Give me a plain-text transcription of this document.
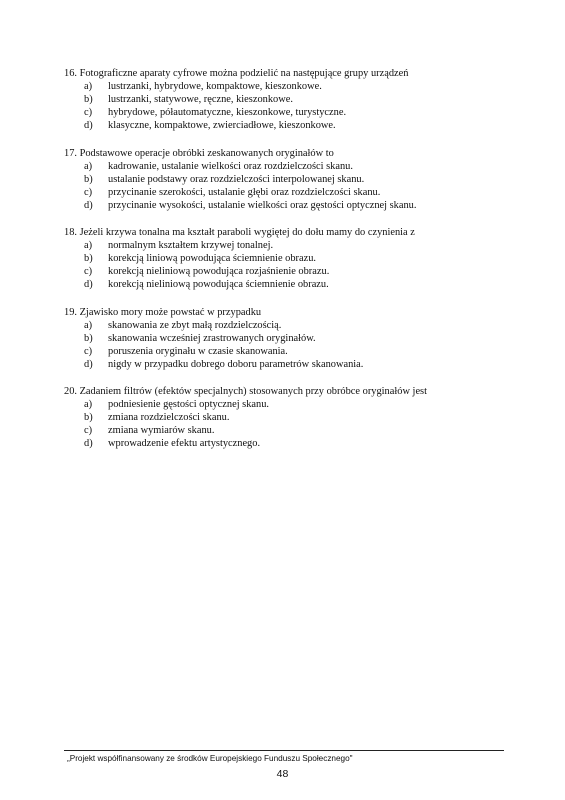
16. Fotograficzne aparaty cyfrowe można podzielić na następujące grupy urządzeń
a)	lustrzanki, hybrydowe, kompaktowe, kieszonkowe.
b)	lustrzanki, statywowe, ręczne, kieszonkowe.
c)	hybrydowe, półautomatyczne, kieszonkowe, turystyczne.
d)	klasyczne, kompaktowe, zwierciadłowe, kieszonkowe.
17. Podstawowe operacje obróbki zeskanowanych oryginałów to
a)	kadrowanie, ustalanie wielkości oraz rozdzielczości skanu.
b)	ustalanie podstawy oraz rozdzielczości interpolowanej skanu.
c)	przycinanie szerokości, ustalanie głębi oraz rozdzielczości skanu.
d)	przycinanie wysokości, ustalanie wielkości oraz gęstości optycznej skanu.
18. Jeżeli krzywa tonalna ma kształt paraboli wygiętej do dołu mamy do czynienia z
a)	normalnym kształtem krzywej tonalnej.
b)	korekcją liniową powodująca ściemnienie obrazu.
c)	korekcją nieliniową powodująca rozjaśnienie obrazu.
d)	korekcją nieliniową powodująca ściemnienie obrazu.
19. Zjawisko mory może powstać w przypadku
a)	skanowania ze zbyt małą rozdzielczością.
b)	skanowania wcześniej zrastrowanych oryginałów.
c)	poruszenia oryginału w czasie skanowania.
d)	nigdy w przypadku dobrego doboru parametrów skanowania.
20. Zadaniem filtrów (efektów specjalnych) stosowanych przy obróbce oryginałów jest
a)	podniesienie gęstości optycznej skanu.
b)	zmiana rozdzielczości skanu.
c)	zmiana wymiarów skanu.
d)	wprowadzenie efektu artystycznego.
„Projekt współfinansowany ze środków Europejskiego Funduszu Społecznego"
48
